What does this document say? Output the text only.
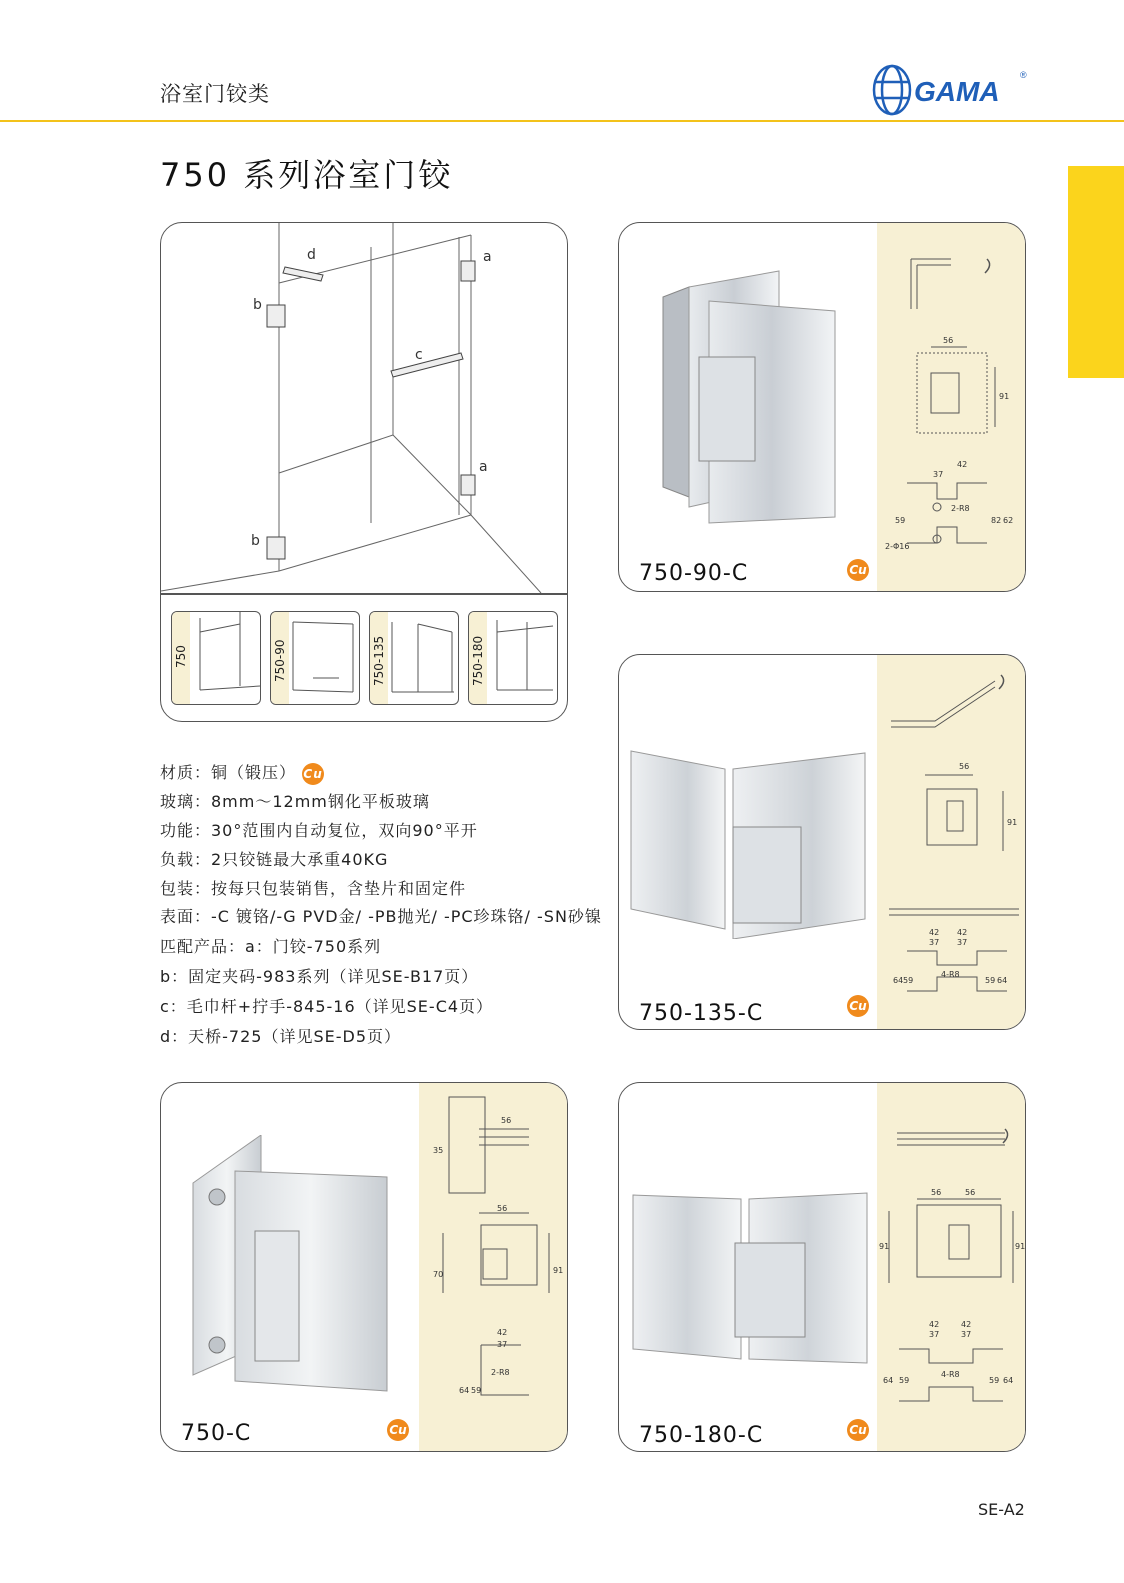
浴室门铰类	GAMA
®
750 系列浴室门铰
d	a
b
c
a
b
750	750-90	750-135	750-180
56
91
42
37
2-R8
59	62
82
2-Φ16
750-90-C	Cu
56
91
42 42
37 37
4-R8
64 59	59 64
750-135-C	Cu
材质：铜（锻压） Cu
玻璃：8mm～12mm钢化平板玻璃
功能：30°范围内自动复位，双向90°平开
负载：2只铰链最大承重40KG
包装：按每只包装销售，含垫片和固定件
表面：-C 镀铬/-G PVD金/ -PB抛光/ -PC珍珠铬/ -SN砂镍
匹配产品：a：门铰-750系列
b：固定夹码-983系列（详见SE-B17页）
c：毛巾杆+拧手-845-16（详见SE-C4页）
d：天桥-725（详见SE-D5页）
56
35
56
70	91
42
37
2-R8
64 59
750-C	Cu
56	56
91	91
42	42
37	37
4-R8
64 59	59 64
750-180-C	Cu
SE-A2
